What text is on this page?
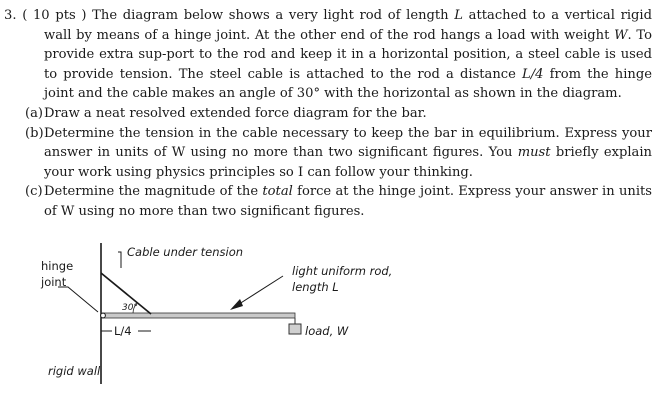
3. ( 10 pts ) The diagram below shows a very light rod of length L attached to a vertical rigid wall by means of a hinge joint. At the other end of the rod hangs a load with weight W. To provide extra sup-port to the rod and keep it in a horizontal position, a steel cable is used to provide tension. The steel cable is attached to the rod a distance L/4 from the hinge joint and the cable makes an angle of 30° with the horizontal as shown in the diagram.

(a) Draw a neat resolved extended force diagram for the bar.
(b) Determine the tension in the cable necessary to keep the bar in equilibrium. Express your answer in units of W using no more than two significant figures. You must briefly explain your work using physics principles so I can follow your thinking.
(c) Determine the magnitude of the total force at the hinge joint. Express your answer in units of W using no more than two significant figures.
hinge
joint
Cable under tension
light uniform rod,
length L
30°
L/4	load, W
rigid wall
